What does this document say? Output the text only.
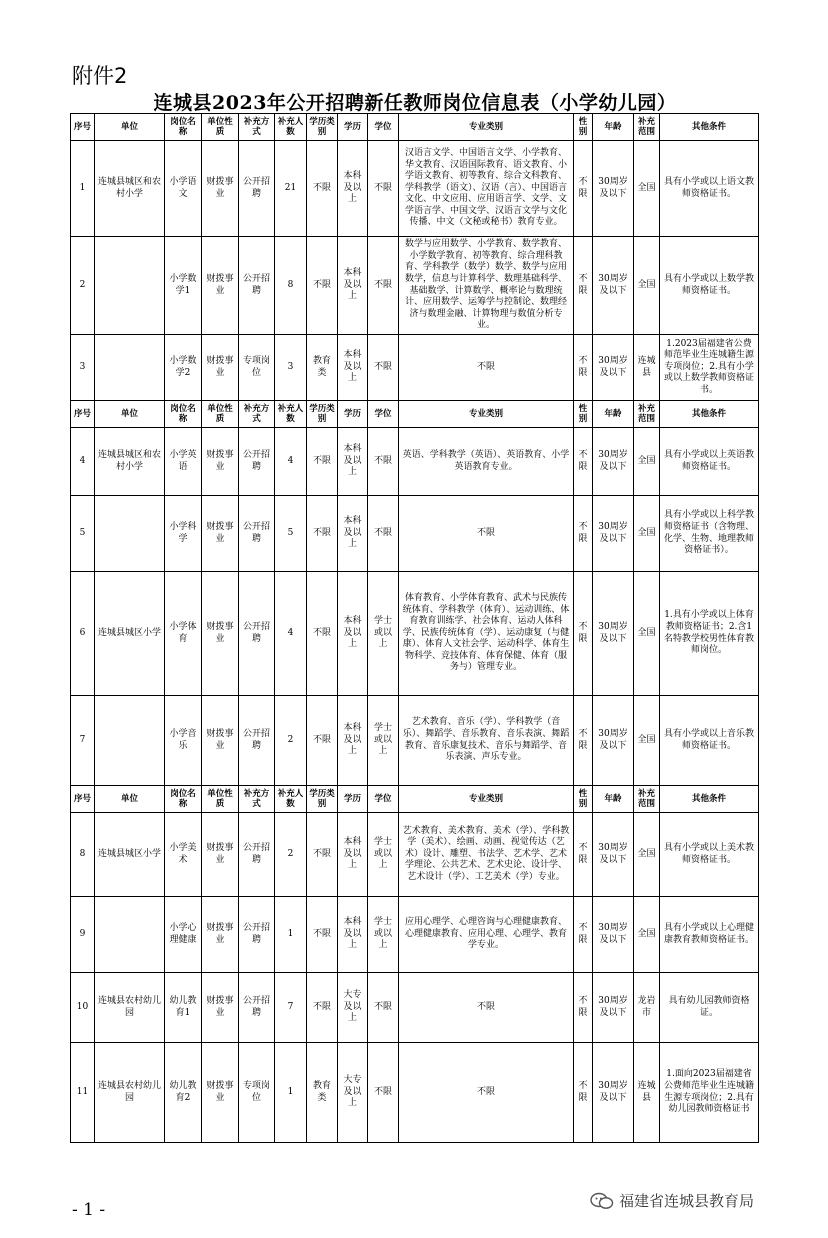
附件2
连城县2023年公开招聘新任教师岗位信息表（小学幼儿园）
序号	单位	岗位名称	单位性质	补充方式	补充人数	学历类别	学历	学位	专业类别	性别	年龄	补充范围	其他条件
1	连城县城区和农村小学	小学语文	财拨事业	公开招聘	21	不限	本科及以上	不限	汉语言文学、中国语言文学、小学教育、华文教育、汉语国际教育、语文教育、小学语文教育、初等教育、综合文科教育、学科教学（语文）、汉语（言）、中国语言文化、中文应用、应用语言学、文学、文学语言学、中国文学、汉语言文学与文化传播、中文（文秘或秘书）教育专业。	不限	30周岁及以下	全国	具有小学或以上语文教师资格证书。
2		小学数学1	财拨事业	公开招聘	8	不限	本科及以上	不限	数学与应用数学、小学教育、数学教育、小学数学教育、初等教育、综合理科教育、学科教学（数学）数学、数学与应用数学，信息与计算科学、数理基础科学、基础数学、计算数学、概率论与数理统计、应用数学、运筹学与控制论、数理经济与数理金融、计算物理与数值分析专业。	不限	30周岁及以下	全国	具有小学或以上数学教师资格证书。
3		小学数学2	财拨事业	专项岗位	3	教育类	本科及以上	不限	不限	不限	30周岁及以下	连城县	1.2023届福建省公费师范毕业生连城籍生源专项岗位；2.具有小学或以上数学教师资格证书。
序号	单位	岗位名称	单位性质	补充方式	补充人数	学历类别	学历	学位	专业类别	性别	年龄	补充范围	其他条件
4	连城县城区和农村小学	小学英语	财拨事业	公开招聘	4	不限	本科及以上	不限	英语、学科教学（英语）、英语教育、小学英语教育专业。	不限	30周岁及以下	全国	具有小学或以上英语教师资格证书。
5		小学科学	财拨事业	公开招聘	5	不限	本科及以上	不限	不限	不限	30周岁及以下	全国	具有小学或以上科学教师资格证书（含物理、化学、生物、地理教师资格证书）。
6	连城县城区小学	小学体育	财拨事业	公开招聘	4	不限	本科及以上	学士或以上	体育教育、小学体育教育、武术与民族传统体育、学科教学（体育）、运动训练、体育教育训练学、社会体育、运动人体科学、民族传统体育（学）、运动康复（与健康）、体育人文社会学、运动科学、体育生物科学、竞技体育、体育保健、体育（服务与）管理专业。	不限	30周岁及以下	全国	1.具有小学或以上体育教师资格证书；2.含1名特教学校男性体育教师岗位。
7		小学音乐	财拨事业	公开招聘	2	不限	本科及以上	学士或以上	艺术教育、音乐（学）、学科教学（音乐）、舞蹈学、音乐教育、音乐表演、舞蹈教育、音乐康复技术、音乐与舞蹈学、音乐表演、声乐专业。	不限	30周岁及以下	全国	具有小学或以上音乐教师资格证书。
序号	单位	岗位名称	单位性质	补充方式	补充人数	学历类别	学历	学位	专业类别	性别	年龄	补充范围	其他条件
8	连城县城区小学	小学美术	财拨事业	公开招聘	2	不限	本科及以上	学士或以上	艺术教育、美术教育、美术（学）、学科教学（美术）、绘画、动画、视觉传达（艺术）设计、雕塑、书法学、艺术学、艺术学理论、公共艺术、艺术史论、设计学、艺术设计（学）、工艺美术（学）专业。	不限	30周岁及以下	全国	具有小学或以上美术教师资格证书。
9		小学心理健康	财拨事业	公开招聘	1	不限	本科及以上	学士或以上	应用心理学、心理咨询与心理健康教育、心理健康教育、应用心理、心理学、教育学专业。	不限	30周岁及以下	全国	具有小学或以上心理健康教育教师资格证书。
10	连城县农村幼儿园	幼儿教育1	财拨事业	公开招聘	7	不限	大专及以上	不限	不限	不限	30周岁及以下	龙岩市	具有幼儿园教师资格证。
11	连城县农村幼儿园	幼儿教育2	财拨事业	专项岗位	1	教育类	大专及以上	不限	不限	不限	30周岁及以下	连城县	1.面向2023届福建省公费师范毕业生连城籍生源专项岗位；2.具有幼儿园教师资格证书
- 1 -	福建省连城县教育局
